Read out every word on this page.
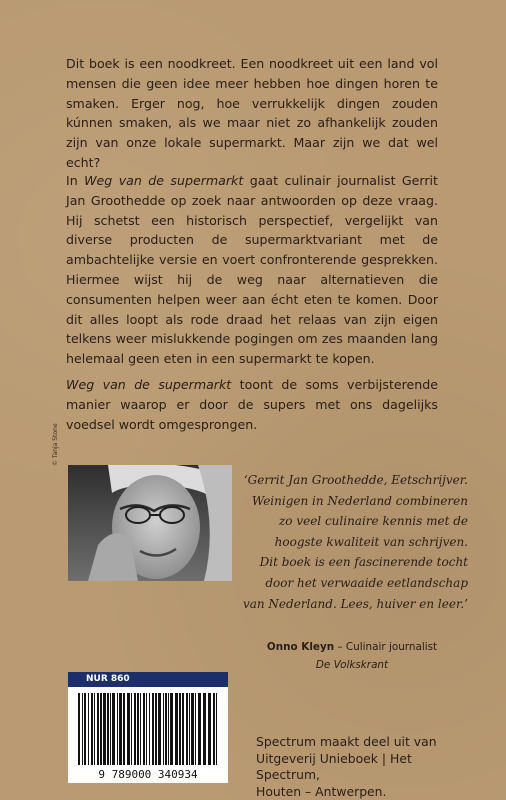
Dit boek is een noodkreet. Een noodkreet uit een land vol mensen die geen idee meer hebben hoe dingen horen te smaken. Erger nog, hoe verrukkelijk dingen zouden kúnnen smaken, als we maar niet zo afhankelijk zouden zijn van onze lokale supermarkt. Maar zijn we dat wel echt?

In Weg van de supermarkt gaat culinair journalist Gerrit Jan Groothedde op zoek naar antwoorden op deze vraag. Hij schetst een historisch perspectief, vergelijkt van diverse producten de supermarktvariant met de ambachtelijke versie en voert confronterende gesprekken. Hiermee wijst hij de weg naar alternatieven die consumenten helpen weer aan écht eten te komen. Door dit alles loopt als rode draad het relaas van zijn eigen telkens weer mislukkende pogingen om zes maanden lang helemaal geen eten in een supermarkt te kopen.

Weg van de supermarkt toont de soms verbijsterende manier waarop er door de supers met ons dagelijks voedsel wordt omgesprongen.

© Tanja Stone
‘Gerrit Jan Groothedde, Eetschrijver.
Weinigen in Nederland combineren
zo veel culinaire kennis met de
hoogste kwaliteit van schrijven.
Dit boek is een fascinerende tocht
door het verwaaide eetlandschap
van Nederland. Lees, huiver en leer.’
Onno Kleyn – Culinair journalist
De Volkskrant
NUR 860
9 789000 340934
Spectrum maakt deel uit van
Uitgeverij Unieboek | Het Spectrum,
Houten – Antwerpen.
